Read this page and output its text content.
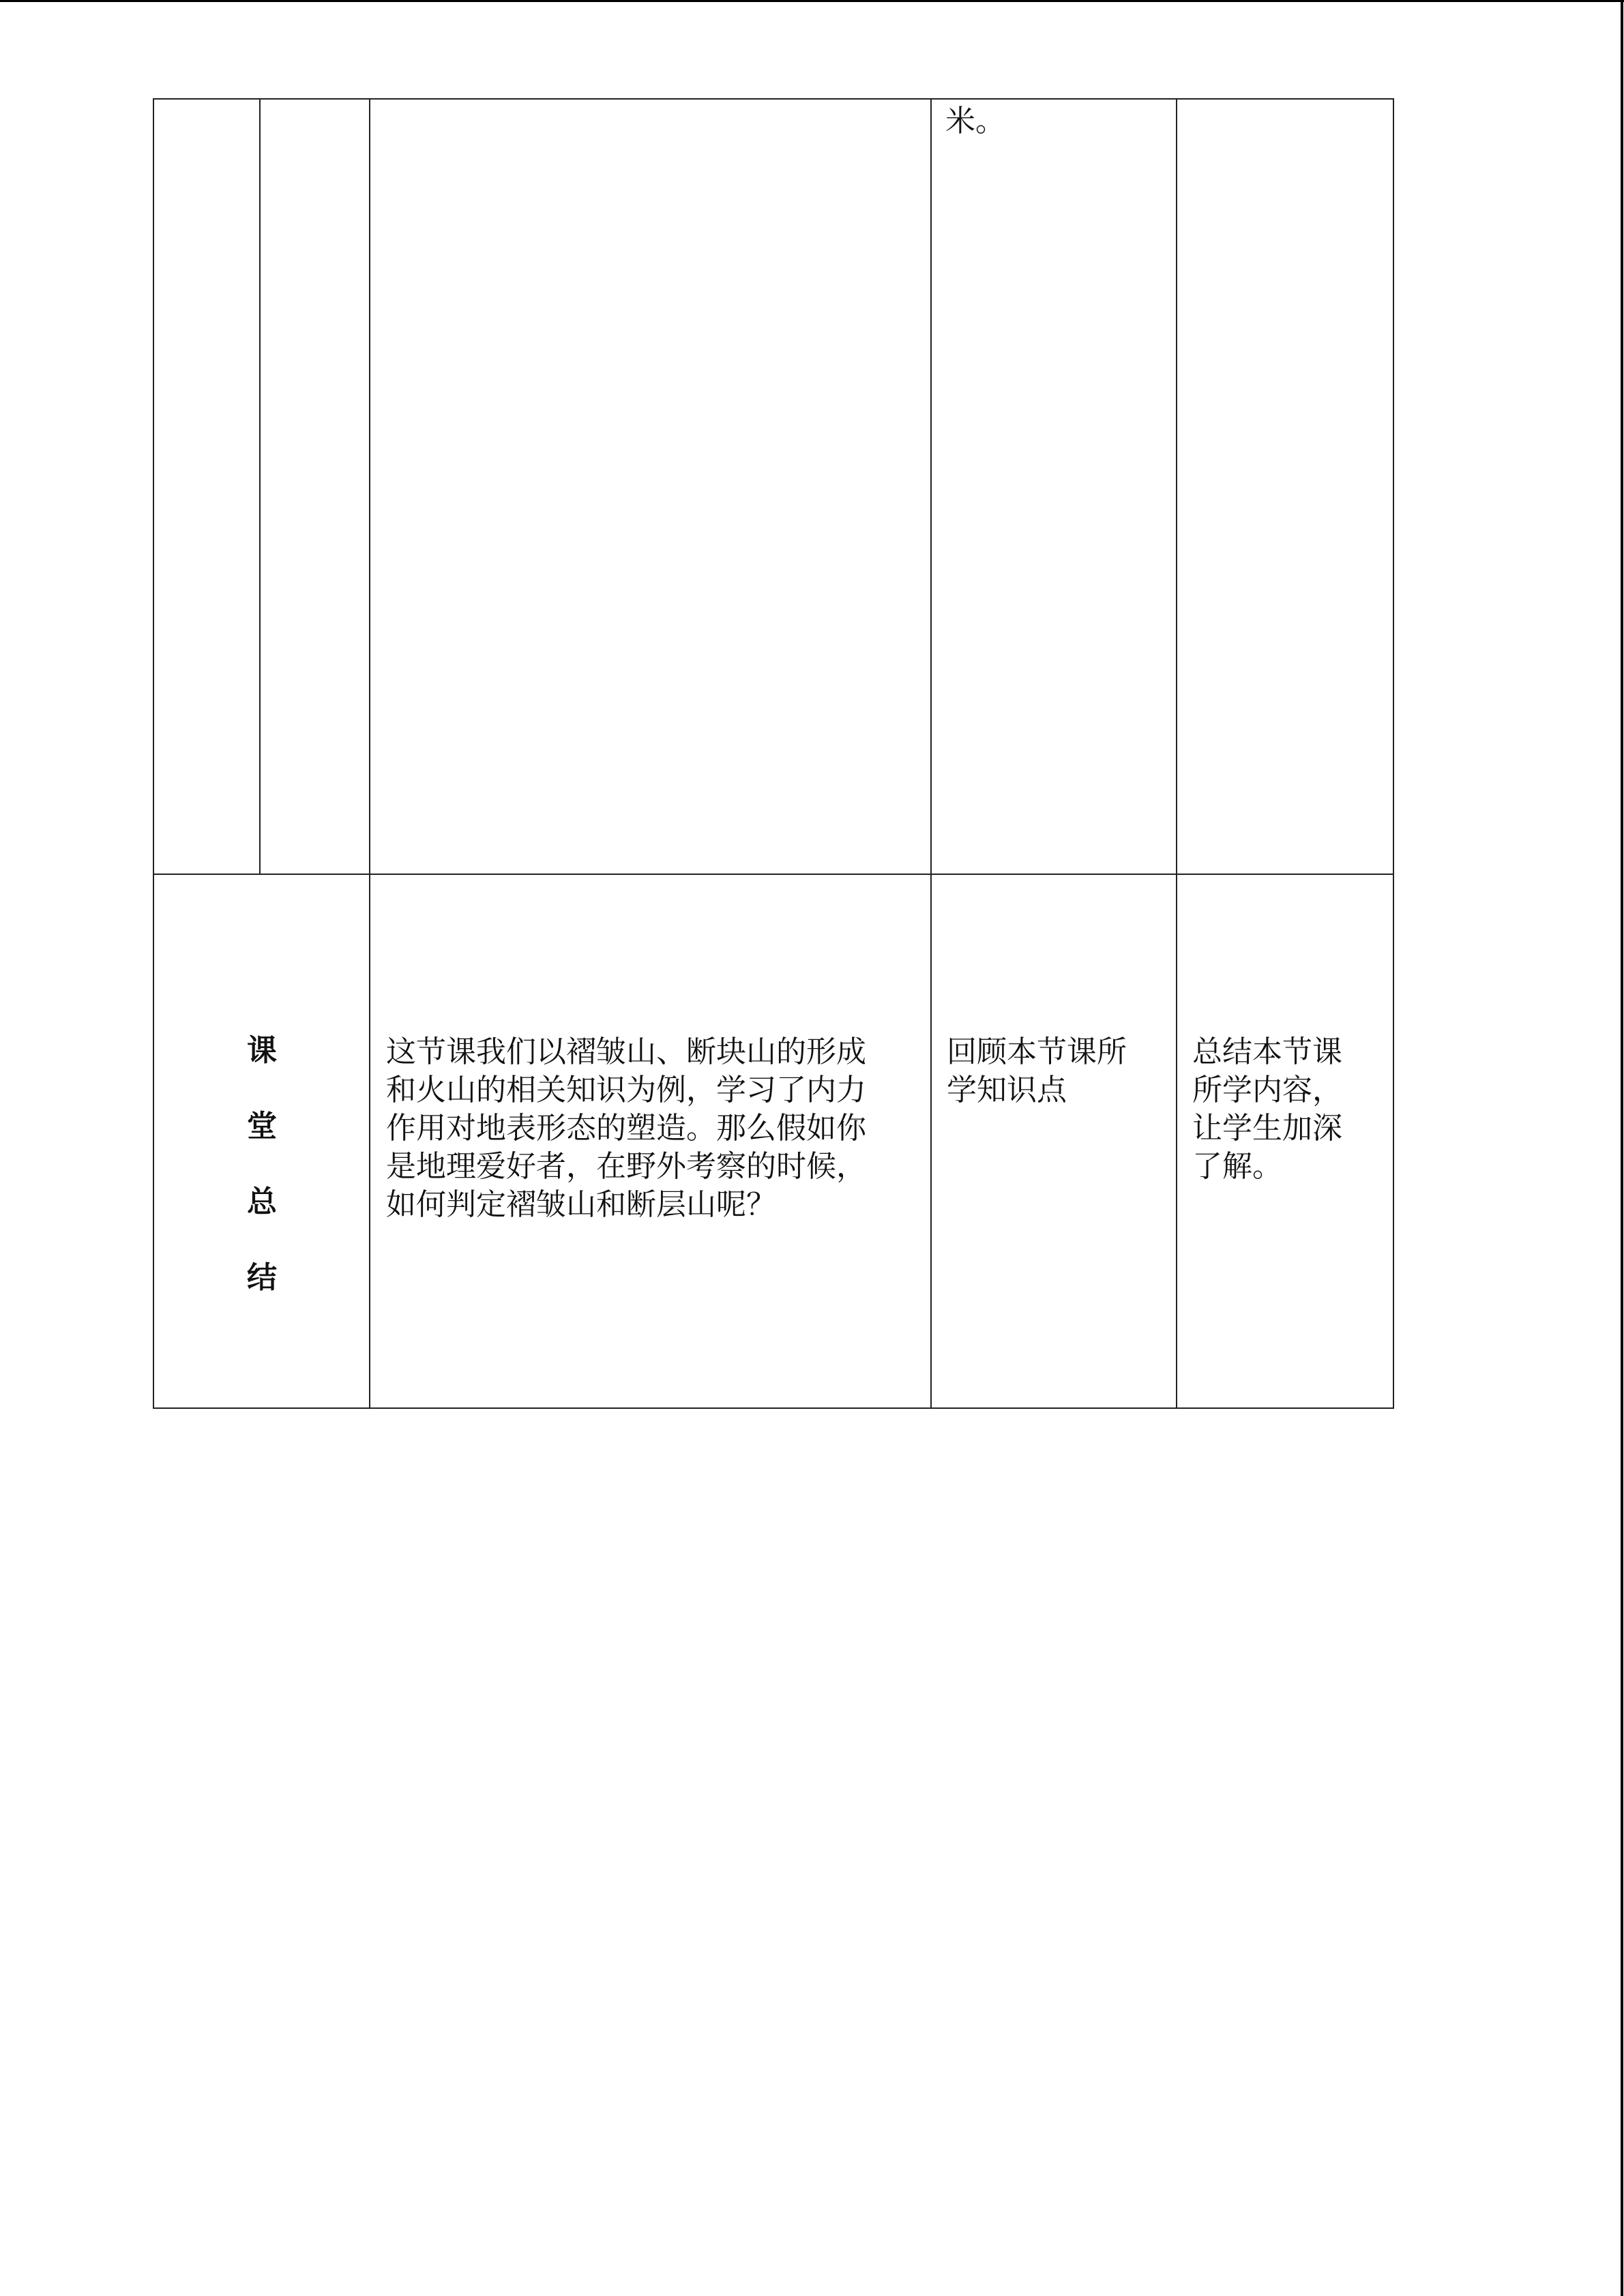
米。
课
堂
总
结
这节课我们以褶皱山、断块山的形成
和火山的相关知识为例，学习了内力
作用对地表形态的塑造。那么假如你
是地理爱好者，在野外考察的时候，
如何判定褶皱山和断层山呢？
回顾本节课所
学知识点
总结本节课
所学内容，
让学生加深
了解。
